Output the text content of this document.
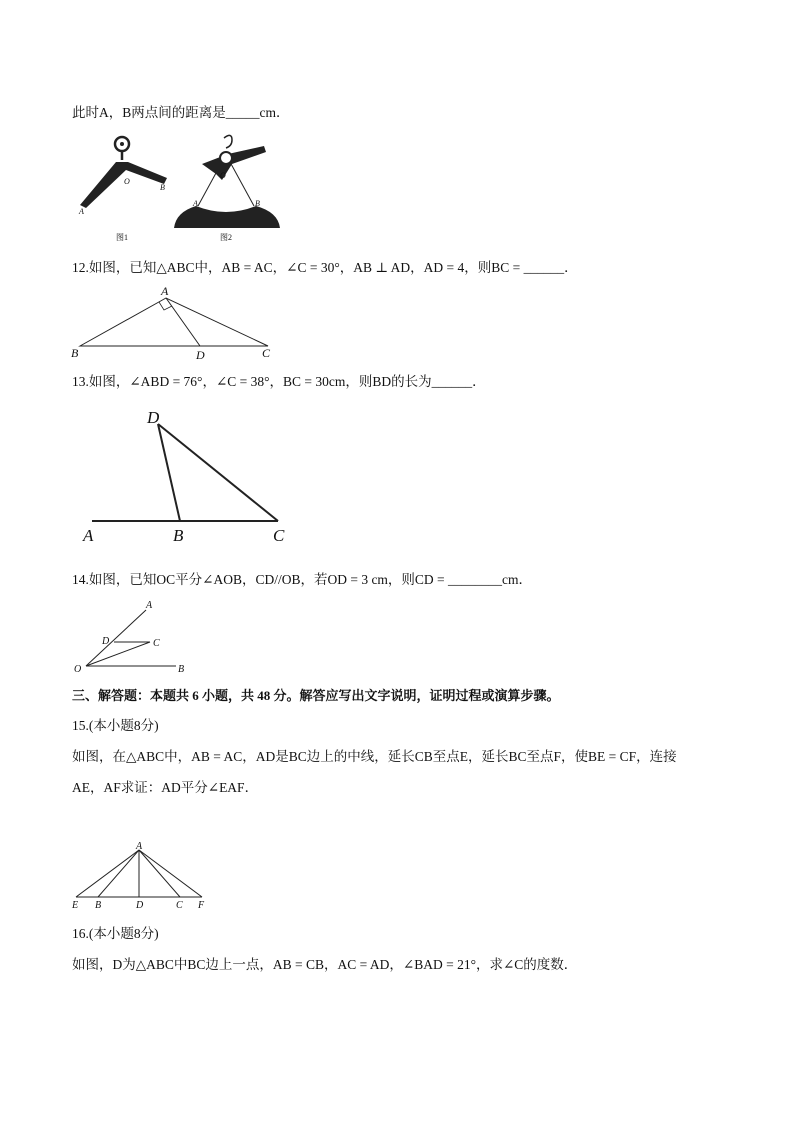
此时A，B两点间的距离是_____cm．
A
O
B
图1
A
O
B
图2
12.如图，已知△ABC中，AB = AC，∠C = 30°，AB ⊥ AD，AD = 4，则BC = ______．
A
B	D	C
13.如图，∠ABD = 76°，∠C = 38°，BC = 30cm，则BD的长为______．
D
A	B	C
14.如图，已知OC平分∠AOB，CD//OB，若OD = 3 cm，则CD = ________cm．
A
D	C
O	B
三、解答题：本题共 6 小题，共 48 分。解答应写出文字说明，证明过程或演算步骤。
15.(本小题8分)
如图，在△ABC中，AB = AC，AD是BC边上的中线，延长CB至点E，延长BC至点F，使BE = CF，连接
AE，AF求证：AD平分∠EAF．
A
E B	D	C F
16.(本小题8分)
如图，D为△ABC中BC边上一点，AB = CB，AC = AD，∠BAD = 21°，求∠C的度数．
